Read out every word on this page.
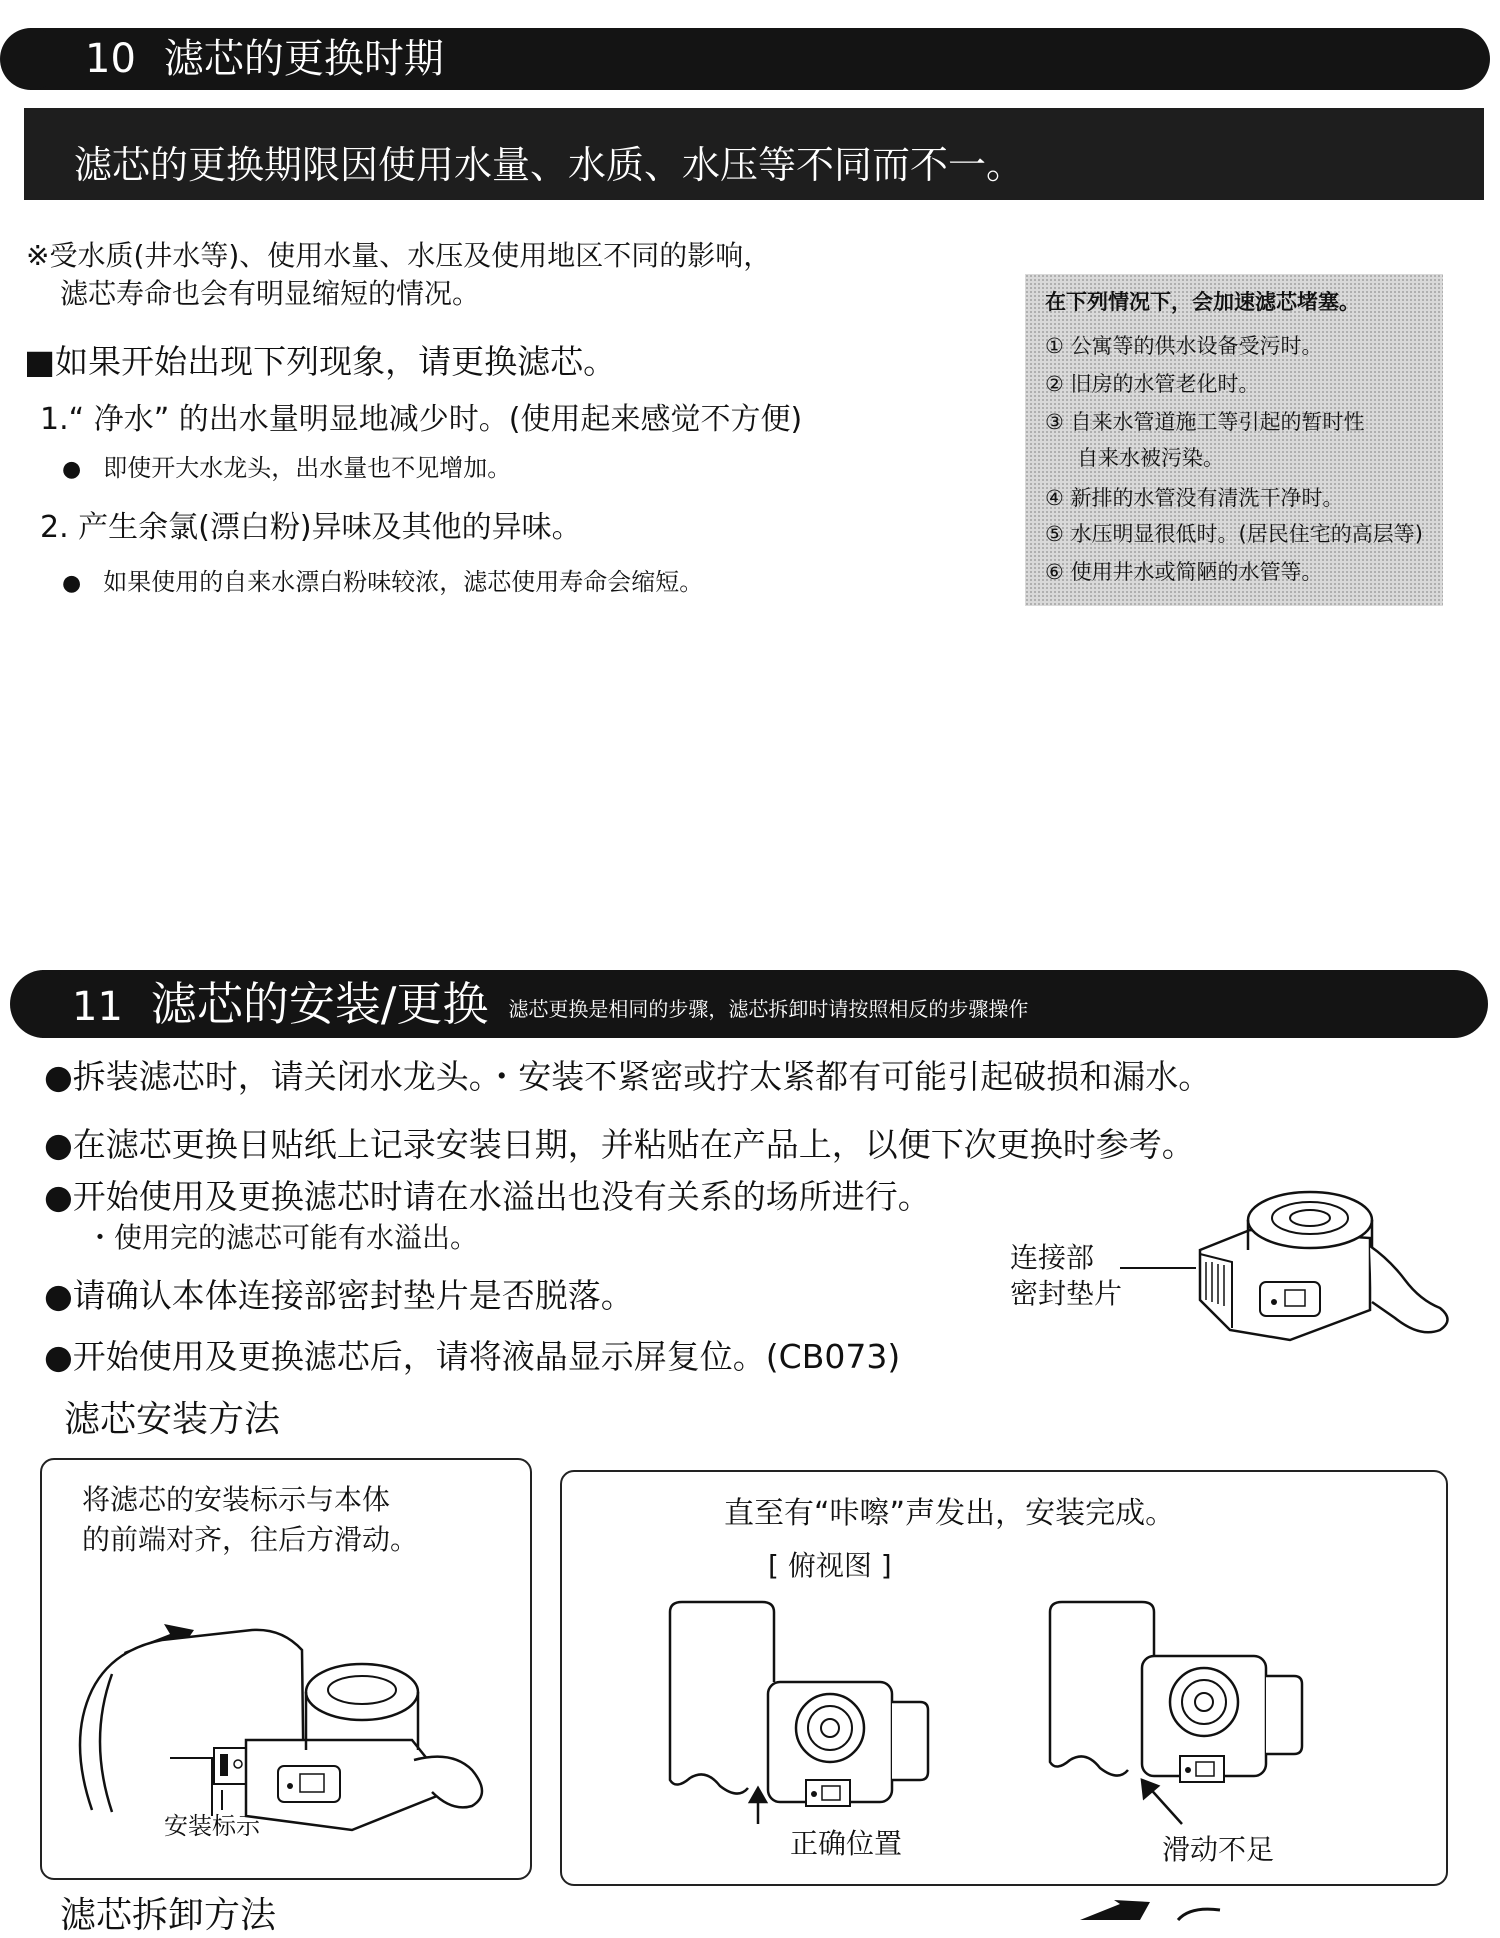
10 滤芯的更换时期
滤芯的更换期限因使用水量、水质、水压等不同而不一。
※受水质(井水等)、使用水量、水压及使用地区不同的影响，
滤芯寿命也会有明显缩短的情况。
■如果开始出现下列现象，请更换滤芯。
1.“ 净水” 的出水量明显地减少时。(使用起来感觉不方便)
● 即使开大水龙头，出水量也不见增加。
2. 产生余氯(漂白粉)异味及其他的异味。
● 如果使用的自来水漂白粉味较浓，滤芯使用寿命会缩短。
在下列情况下，会加速滤芯堵塞。
① 公寓等的供水设备受污时。
② 旧房的水管老化时。
③ 自来水管道施工等引起的暂时性
自来水被污染。
④ 新排的水管没有清洗干净时。
⑤ 水压明显很低时。(居民住宅的高层等)
⑥ 使用井水或简陋的水管等。
11 滤芯的安装/更换 $^{滤芯更换是相同的步骤,滤芯拆卸时请按照相反的步骤操作}$
●拆装滤芯时，请关闭水龙头。・安装不紧密或拧太紧都有可能引起破损和漏水。
●在滤芯更换日贴纸上记录安装日期，并粘贴在产品上，以便下次更换时参考。
●开始使用及更换滤芯时请在水溢出也没有关系的场所进行。
・使用完的滤芯可能有水溢出。
●请确认本体连接部密封垫片是否脱落。
●开始使用及更换滤芯后，请将液晶显示屏复位。(CB073)
连接部
密封垫片
滤芯安装方法
将滤芯的安装标示与本体
的前端对齐，往后方滑动。
安装标示
直至有“咔嚓”声发出，安装完成。
[ 俯视图 ]
正确位置	滑动不足
滤芯拆卸方法
